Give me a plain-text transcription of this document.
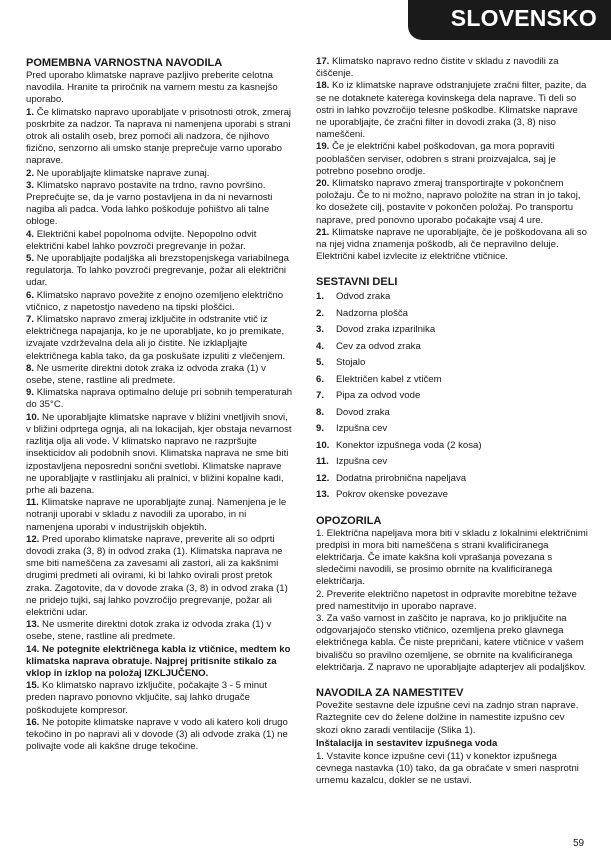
SLOVENSKO

POMEMBNA VARNOSTNA NAVODILA

Pred uporabo klimatske naprave pazljivo preberite celotna navodila. Hranite ta priročnik na varnem mestu za kasnejšo uporabo.

1. Če klimatsko napravo uporabljate v prisotnosti otrok, zmeraj poskrbite za nadzor. Ta naprava ni namenjena uporabi s strani otrok ali ostalih oseb, brez pomoči ali nadzora, če njihovo fizično, senzorno ali umsko stanje preprečuje varno uporabo naprave.

2. Ne uporabljajte klimatske naprave zunaj.

3. Klimatsko napravo postavite na trdno, ravno površino. Preprečujte se, da je varno postavljena in da ni nevarnosti nagiba ali padca. Voda lahko poškoduje pohištvo ali talne obloge.

4. Električni kabel popolnoma odvijte. Nepopolno odvit električni kabel lahko povzroči pregrevanje in požar.

5. Ne uporabljajte podaljška ali brezstopenjskega variabilnega regulatorja. To lahko povzroči pregrevanje, požar ali električni udar.

6. Klimatsko napravo povežite z enojno ozemljeno električno vtičnico, z napetostjo navedeno na tipski ploščici.

7. Klimatsko napravo zmeraj izključite in odstranite vtič iz električnega napajanja, ko je ne uporabljate, ko jo premikate, izvajate vzdrževalna dela ali jo čistite. Ne izklapljajte električnega kabla tako, da ga poskušate izpuliti z vlečenjem.

8. Ne usmerite direktni dotok zraka iz odvoda zraka (1) v osebe, stene, rastline ali predmete.

9. Klimatska naprava optimalno deluje pri sobnih temperaturah do 35°C.

10. Ne uporabljajte klimatske naprave v bližini vnetljivih snovi, v bližini odprtega ognja, ali na lokacijah, kjer obstaja nevarnost razlitja olja ali vode. V klimatsko napravo ne razpršujte insekticidov ali podobnih snovi. Klimatska naprava ne sme biti izpostavljena neposredni sončni svetlobi. Klimatske naprave ne uporabljajte v rastlinjaku ali pralnici, v bližini kopalne kadi, prhe ali bazena.

11. Klimatske naprave ne uporabljajte zunaj. Namenjena je le notranji uporabi v skladu z navodili za uporabo, in ni namenjena uporabi v industrijskih objektih.

12. Pred uporabo klimatske naprave, preverite ali so odprti dovodi zraka (3, 8) in odvod zraka (1). Klimatska naprava ne sme biti nameščena za zavesami ali zastori, ali za kakšnimi drugimi predmeti ali ovirami, ki bi lahko ovirali prost pretok zraka. Zagotovite, da v dovode zraka (3, 8) in odvod zraka (1) ne pridejo tujki, saj lahko povzročijo pregrevanje, požar ali električni udar.

13. Ne usmerite direktni dotok zraka iz odvoda zraka (1) v osebe, stene, rastline ali predmete.

14. Ne potegnite električnega kabla iz vtičnice, medtem ko klimatska naprava obratuje. Najprej pritisnite stikalo za vklop in izklop na položaj IZKLJUČENO.

15. Ko klimatsko napravo izključite, počakajte 3 - 5 minut preden napravo ponovno vključite, saj lahko drugače poškodujete kompresor.

16. Ne potopite klimatske naprave v vodo ali katero koli drugo tekočino in po napravi ali v dovode (3) ali odvode zraka (1) ne polivajte vode ali kakšne druge tekočine.

17. Klimatsko napravo redno čistite v skladu z navodili za čiščenje.

18. Ko iz klimatske naprave odstranjujete zračni filter, pazite, da se ne dotaknete katerega kovinskega dela naprave. Ti deli so ostri in lahko povzročijo telesne poškodbe. Klimatske naprave ne uporabljajte, če zračni filter in dovodi zraka (3, 8) niso nameščeni.

19. Če je električni kabel poškodovan, ga mora popraviti pooblaščen serviser, odobren s strani proizvajalca, saj je potrebno posebno orodje.

20. Klimatsko napravo zmeraj transportirajte v pokončnem položaju. Če to ni možno, napravo položite na stran in jo takoj, ko dosežete cilj, postavite v pokončen položaj. Po transportu naprave, pred ponovno uporabo počakajte vsaj 4 ure.

21. Klimatske naprave ne uporabljajte, če je poškodovana ali so na njej vidna znamenja poškodb, ali če nepravilno deluje. Električni kabel izvlecite iz električne vtičnice.

SESTAVNI DELI

1.	Odvod zraka
2.	Nadzorna plošča
3.	Dovod zraka izparilnika
4.	Cev za odvod zraka
5.	Stojalo
6.	Električen kabel z vtičem
7.	Pipa za odvod vode
8.	Dovod zraka
9.	Izpušna cev
10. Konektor izpušnega voda (2 kosa)
11. Izpušna cev
12. Dodatna prirobnična napeljava
13. Pokrov okenske povezave

OPOZORILA

1. Električna napeljava mora biti v skladu z lokalnimi električnimi predpisi in mora biti nameščena s strani kvalificiranega električarja. Če imate kakšna koli vprašanja povezana s sledečimi navodili, se prosimo obrnite na kvalificiranega električarja.

2. Preverite električno napetost in odpravite morebitne težave pred namestitvijo in uporabo naprave.

3. Za vašo varnost in zaščito je naprava, ko jo priključite na odgovarjajočo stensko vtičnico, ozemljena preko glavnega električnega kabla. Če niste prepričani, katere vtičnice v vašem bivališču so pravilno ozemljene, se obrnite na kvalificiranega električarja. Z napravo ne uporabljajte adapterjev ali podaljškov.

NAVODILA ZA NAMESTITEV

Povežite sestavne dele izpušne cevi na zadnjo stran naprave. Raztegnite cev do želene dolžine in namestite izpušno cev skozi okno zaradi ventilacije (Slika 1).

Inštalacija in sestavitev izpušnega voda

1. Vstavite konce izpušne cevi (11) v konektor izpušnega cevnega nastavka (10) tako, da ga obračate v smeri nasprotni urnemu kazalcu, dokler se ne ustavi.

59
